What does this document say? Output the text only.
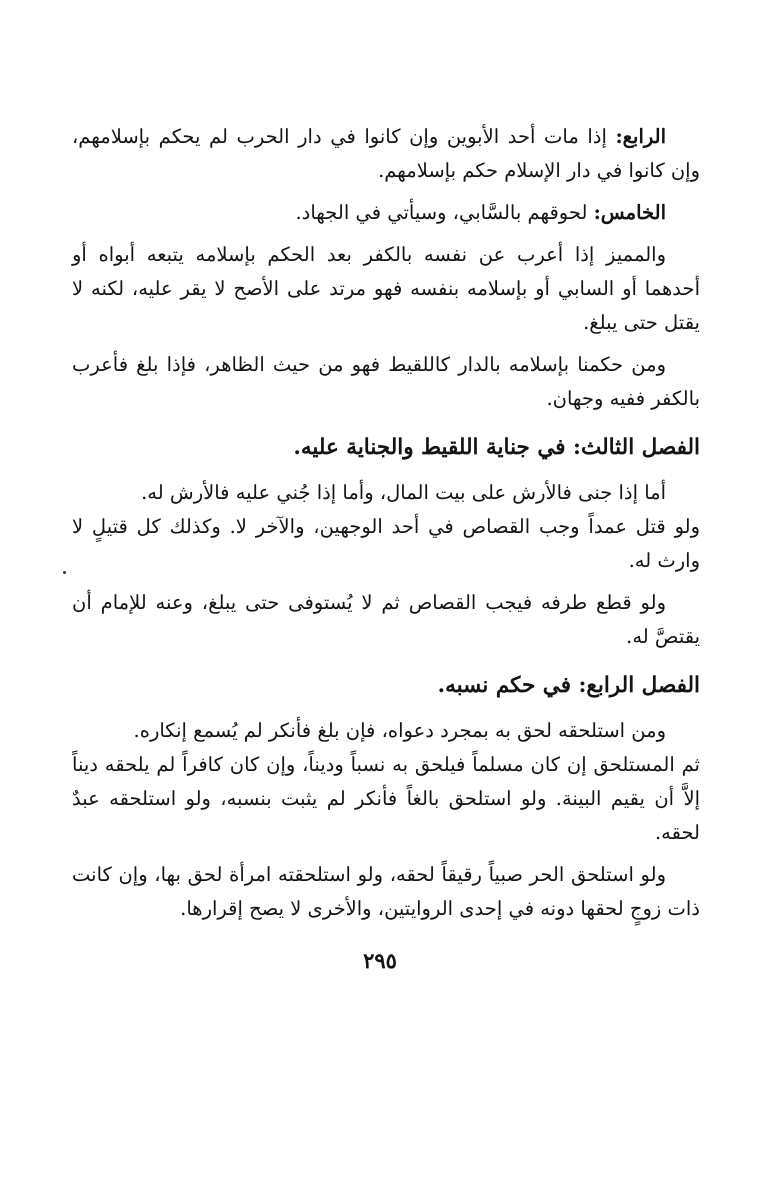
الرابع: إذا مات أحد الأبوين وإن كانوا في دار الحرب لم يحكم بإسلامهم، وإن كانوا في دار الإسلام حكم بإسلامهم.

الخامس: لحوقهم بالسَّابي، وسيأتي في الجهاد.

والمميز إذا أعرب عن نفسه بالكفر بعد الحكم بإسلامه يتبعه أبواه أو أحدهما أو السابي أو بإسلامه بنفسه فهو مرتد على الأصح لا يقر عليه، لكنه لا يقتل حتى يبلغ.

ومن حكمنا بإسلامه بالدار كاللقيط فهو من حيث الظاهر، فإذا بلغ فأعرب بالكفر ففيه وجهان.

الفصل الثالث: في جناية اللقيط والجناية عليه.

أما إذا جنى فالأرش على بيت المال، وأما إذا جُني عليه فالأرش له.

ولو قتل عمداً وجب القصاص في أحد الوجهين، والآخر لا. وكذلك كل قتيلٍ لا وارث له.

ولو قطع طرفه فيجب القصاص ثم لا يُستوفى حتى يبلغ، وعنه للإمام أن يقتصَّ له.

الفصل الرابع: في حكم نسبه.

ومن استلحقه لحق به بمجرد دعواه، فإن بلغ فأنكر لم يُسمع إنكاره.

ثم المستلحق إن كان مسلماً فيلحق به نسباً وديناً، وإن كان كافراً لم يلحقه ديناً إلاَّ أن يقيم البينة. ولو استلحق بالغاً فأنكر لم يثبت بنسبه، ولو استلحقه عبدٌ لحقه.

ولو استلحق الحر صبياً رقيقاً لحقه، ولو استلحقته امرأة لحق بها، وإن كانت ذات زوجٍ لحقها دونه في إحدى الروايتين، والأخرى لا يصح إقرارها.

٢٩٥
